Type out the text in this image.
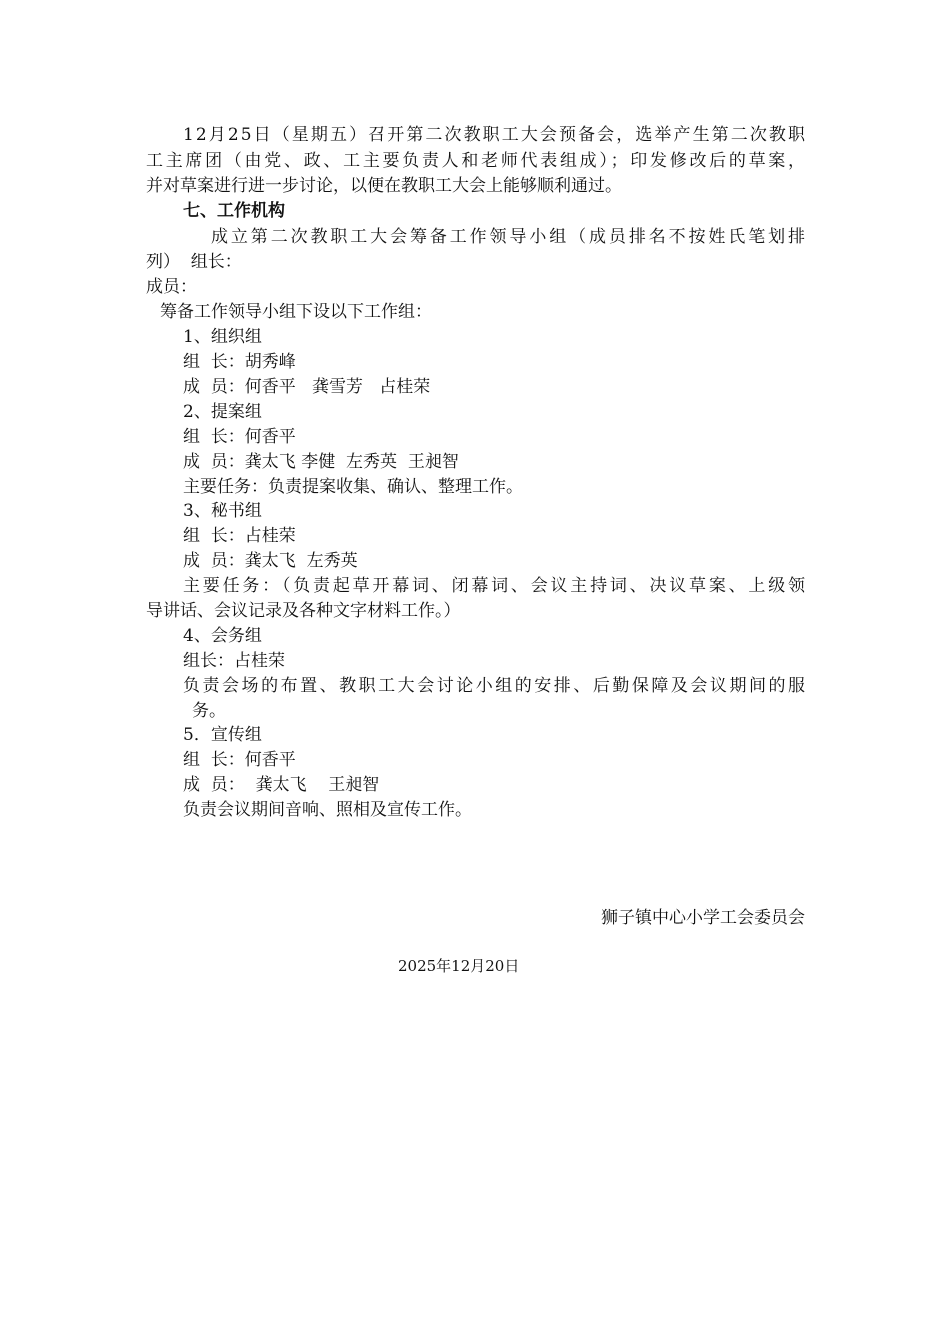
12月25日（星期五）召开第二次教职工大会预备会，选举产生第二次教职
工主席团（由党、政、工主要负责人和老师代表组成）；印发修改后的草案，
并对草案进行进一步讨论，以便在教职工大会上能够顺利通过。
七、工作机构
成立第二次教职工大会筹备工作领导小组（成员排名不按姓氏笔划排
列）  组长：
成员：
筹备工作领导小组下设以下工作组：
1、组织组
组  长：胡秀峰
成  员：何香平   龚雪芳   占桂荣
2、提案组
组  长：何香平
成  员：龚太飞 李健  左秀英  王昶智
主要任务：负责提案收集、确认、整理工作。
3、秘书组
组  长：占桂荣
成  员：龚太飞  左秀英
主要任务：（负责起草开幕词、闭幕词、会议主持词、决议草案、上级领
导讲话、会议记录及各种文字材料工作。）
4、会务组
组长：占桂荣
负责会场的布置、教职工大会讨论小组的安排、后勤保障及会议期间的服
务。
5．宣传组
组  长：何香平
成  员：  龚太飞    王昶智
负责会议期间音响、照相及宣传工作。
狮子镇中心小学工会委员会
2025年12月20日
